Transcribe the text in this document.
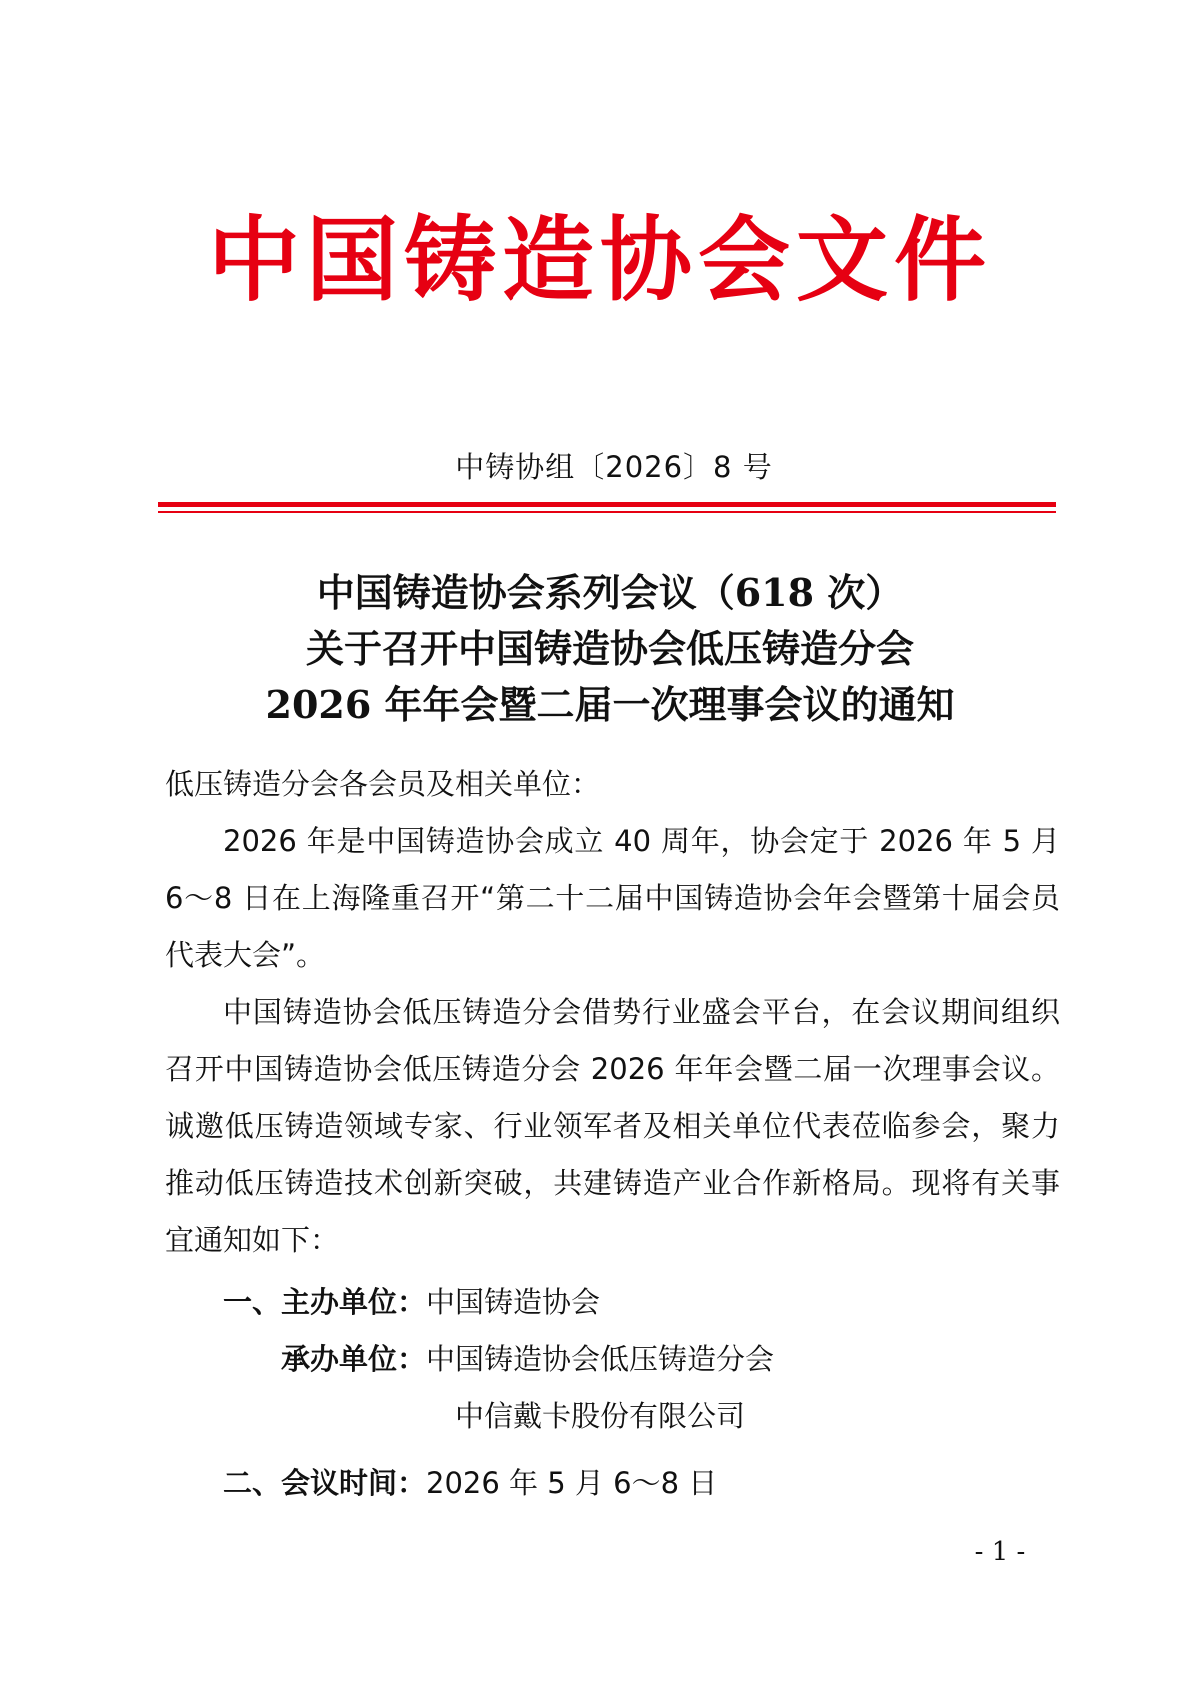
中国铸造协会文件
中铸协组〔2026〕8 号
中国铸造协会系列会议（618 次）
关于召开中国铸造协会低压铸造分会
2026 年年会暨二届一次理事会议的通知
低压铸造分会各会员及相关单位：
2026 年是中国铸造协会成立 40 周年，协会定于 2026 年 5 月 6～8 日在上海隆重召开“第二十二届中国铸造协会年会暨第十届会员代表大会”。
中国铸造协会低压铸造分会借势行业盛会平台，在会议期间组织召开中国铸造协会低压铸造分会 2026 年年会暨二届一次理事会议。诚邀低压铸造领域专家、行业领军者及相关单位代表莅临参会，聚力推动低压铸造技术创新突破，共建铸造产业合作新格局。现将有关事宜通知如下：
一、主办单位：中国铸造协会
承办单位：中国铸造协会低压铸造分会
中信戴卡股份有限公司
二、会议时间：2026 年 5 月 6～8 日
- 1 -
